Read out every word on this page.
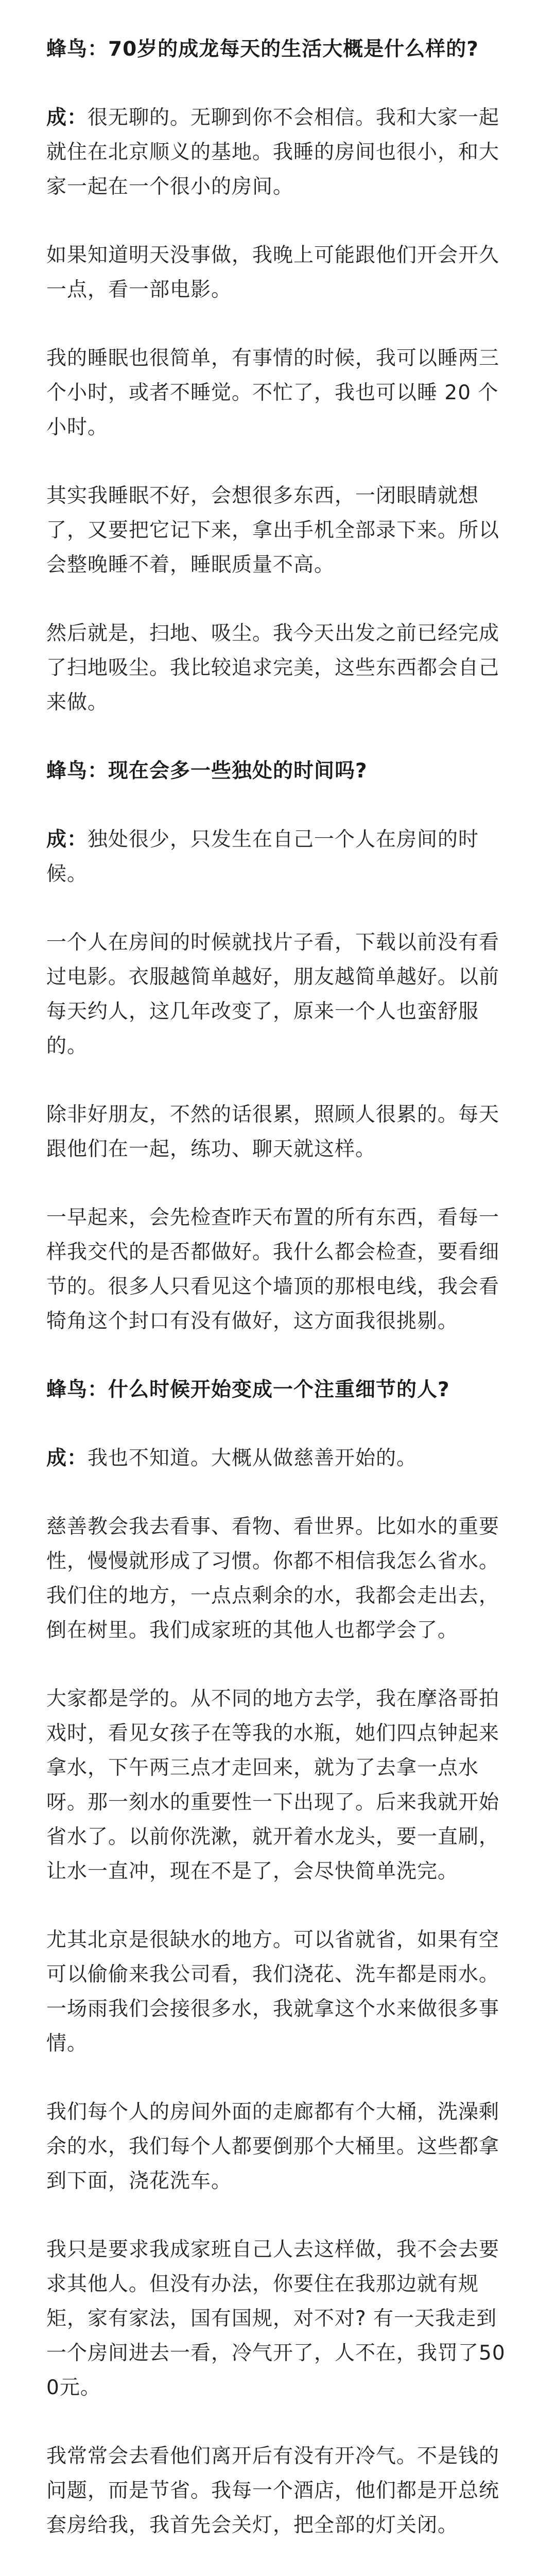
蜂鸟：70岁的成龙每天的生活大概是什么样的?

成：很无聊的。无聊到你不会相信。我和大家一起就住在北京顺义的基地。我睡的房间也很小，和大家一起在一个很小的房间。

如果知道明天没事做，我晚上可能跟他们开会开久一点，看一部电影。

我的睡眠也很简单，有事情的时候，我可以睡两三个小时，或者不睡觉。不忙了，我也可以睡 20 个小时。

其实我睡眠不好，会想很多东西，一闭眼睛就想了，又要把它记下来，拿出手机全部录下来。所以会整晚睡不着，睡眠质量不高。

然后就是，扫地、吸尘。我今天出发之前已经完成了扫地吸尘。我比较追求完美，这些东西都会自己来做。

蜂鸟：现在会多一些独处的时间吗?

成：独处很少，只发生在自己一个人在房间的时候。

一个人在房间的时候就找片子看，下载以前没有看过电影。衣服越简单越好，朋友越简单越好。以前每天约人，这几年改变了，原来一个人也蛮舒服的。

除非好朋友，不然的话很累，照顾人很累的。每天跟他们在一起，练功、聊天就这样。

一早起来，会先检查昨天布置的所有东西，看每一样我交代的是否都做好。我什么都会检查，要看细节的。很多人只看见这个墙顶的那根电线，我会看犄角这个封口有没有做好，这方面我很挑剔。

蜂鸟：什么时候开始变成一个注重细节的人?

成：我也不知道。大概从做慈善开始的。

慈善教会我去看事、看物、看世界。比如水的重要性，慢慢就形成了习惯。你都不相信我怎么省水。我们住的地方，一点点剩余的水，我都会走出去，倒在树里。我们成家班的其他人也都学会了。

大家都是学的。从不同的地方去学，我在摩洛哥拍戏时，看见女孩子在等我的水瓶，她们四点钟起来拿水，下午两三点才走回来，就为了去拿一点水呀。那一刻水的重要性一下出现了。后来我就开始省水了。以前你洗漱，就开着水龙头，要一直刷，让水一直冲，现在不是了，会尽快简单洗完。

尤其北京是很缺水的地方。可以省就省，如果有空可以偷偷来我公司看，我们浇花、洗车都是雨水。一场雨我们会接很多水，我就拿这个水来做很多事情。

我们每个人的房间外面的走廊都有个大桶，洗澡剩余的水，我们每个人都要倒那个大桶里。这些都拿到下面，浇花洗车。

我只是要求我成家班自己人去这样做，我不会去要求其他人。但没有办法，你要住在我那边就有规矩，家有家法，国有国规，对不对? 有一天我走到一个房间进去一看，冷气开了，人不在，我罚了500元。

我常常会去看他们离开后有没有开冷气。不是钱的问题，而是节省。我每一个酒店，他们都是开总统套房给我，我首先会关灯，把全部的灯关闭。
